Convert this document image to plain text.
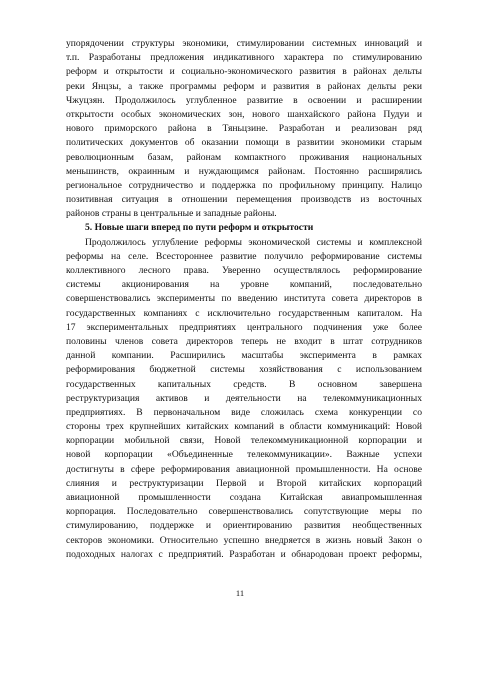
упорядочении структуры экономики, стимулировании системных инноваций и
т.п. Разработаны предложения индикативного характера по стимулированию
реформ и открытости и социально-экономического развития в районах дельты
реки Янцзы, а также программы реформ и развития в районах дельты реки
Чжуцзян. Продолжилось углубленное развитие в освоении и расширении
открытости особых экономических зон, нового шанхайского района Пудуи и
нового приморского района в Тяньцзине. Разработан и реализован ряд
политических документов об оказании помощи в развитии экономики старым
революционным базам, районам компактного проживания национальных
меньшинств, окраинным и нуждающимся районам. Постоянно расширялись
региональное сотрудничество и поддержка по профильному принципу. Налицо
позитивная ситуация в отношении перемещения производств из восточных
районов страны в центральные и западные районы.
5. Новые шаги вперед по пути реформ и открытости
Продолжилось углубление реформы экономической системы и комплексной
реформы на селе. Всестороннее развитие получило реформирование системы
коллективного лесного права. Уверенно осуществлялось реформирование
системы акционирования на уровне компаний, последовательно
совершенствовались эксперименты по введению института совета директоров в
государственных компаниях с исключительно государственным капиталом. На
17 экспериментальных предприятиях центрального подчинения уже более
половины членов совета директоров теперь не входит в штат сотрудников
данной компании. Расширились масштабы эксперимента в рамках
реформирования бюджетной системы хозяйствования с использованием
государственных капитальных средств. В основном завершена
реструктуризация активов и деятельности на телекоммуникационных
предприятиях. В первоначальном виде сложилась схема конкуренции со
стороны трех крупнейших китайских компаний в области коммуникаций: Новой
корпорации мобильной связи, Новой телекоммуникационной корпорации и
новой корпорации «Объединенные телекоммуникации». Важные успехи
достигнуты в сфере реформирования авиационной промышленности. На основе
слияния и реструктуризации Первой и Второй китайских корпораций
авиационной промышленности создана Китайская авиапромышленная
корпорация. Последовательно совершенствовались сопутствующие меры по
стимулированию, поддержке и ориентированию развития необщественных
секторов экономики. Относительно успешно внедряется в жизнь новый Закон о
подоходных налогах с предприятий. Разработан и обнародован проект реформы,
11
